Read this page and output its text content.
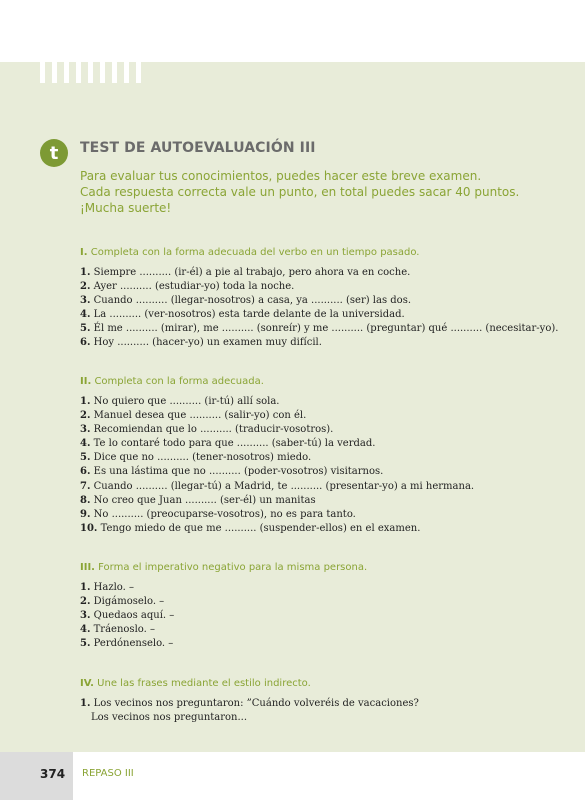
t	TEST DE AUTOEVALUACIÓN III
Para evaluar tus conocimientos, puedes hacer este breve examen.
Cada respuesta correcta vale un punto, en total puedes sacar 40 puntos.
¡Mucha suerte!
I. Completa con la forma adecuada del verbo en un tiempo pasado.
1. Siempre .......... (ir-él) a pie al trabajo, pero ahora va en coche.
2. Ayer .......... (estudiar-yo) toda la noche.
3. Cuando .......... (llegar-nosotros) a casa, ya .......... (ser) las dos.
4. La .......... (ver-nosotros) esta tarde delante de la universidad.
5. Él me .......... (mirar), me .......... (sonreír) y me .......... (preguntar) qué .......... (necesitar-yo).
6. Hoy .......... (hacer-yo) un examen muy difícil.
II. Completa con la forma adecuada.
1. No quiero que .......... (ir-tú) allí sola.
2. Manuel desea que .......... (salir-yo) con él.
3. Recomiendan que lo .......... (traducir-vosotros).
4. Te lo contaré todo para que .......... (saber-tú) la verdad.
5. Dice que no .......... (tener-nosotros) miedo.
6. Es una lástima que no .......... (poder-vosotros) visitarnos.
7. Cuando .......... (llegar-tú) a Madrid, te .......... (presentar-yo) a mi hermana.
8. No creo que Juan .......... (ser-él) un manitas
9. No .......... (preocuparse-vosotros), no es para tanto.
10. Tengo miedo de que me .......... (suspender-ellos) en el examen.
III. Forma el imperativo negativo para la misma persona.
1. Hazlo. –
2. Digámoselo. –
3. Quedaos aquí. –
4. Tráenoslo. –
5. Perdónenselo. –
IV. Une las frases mediante el estilo indirecto.
1. Los vecinos nos preguntaron: ”Cuándo volveréis de vacaciones?
Los vecinos nos preguntaron...
374 REPASO III
